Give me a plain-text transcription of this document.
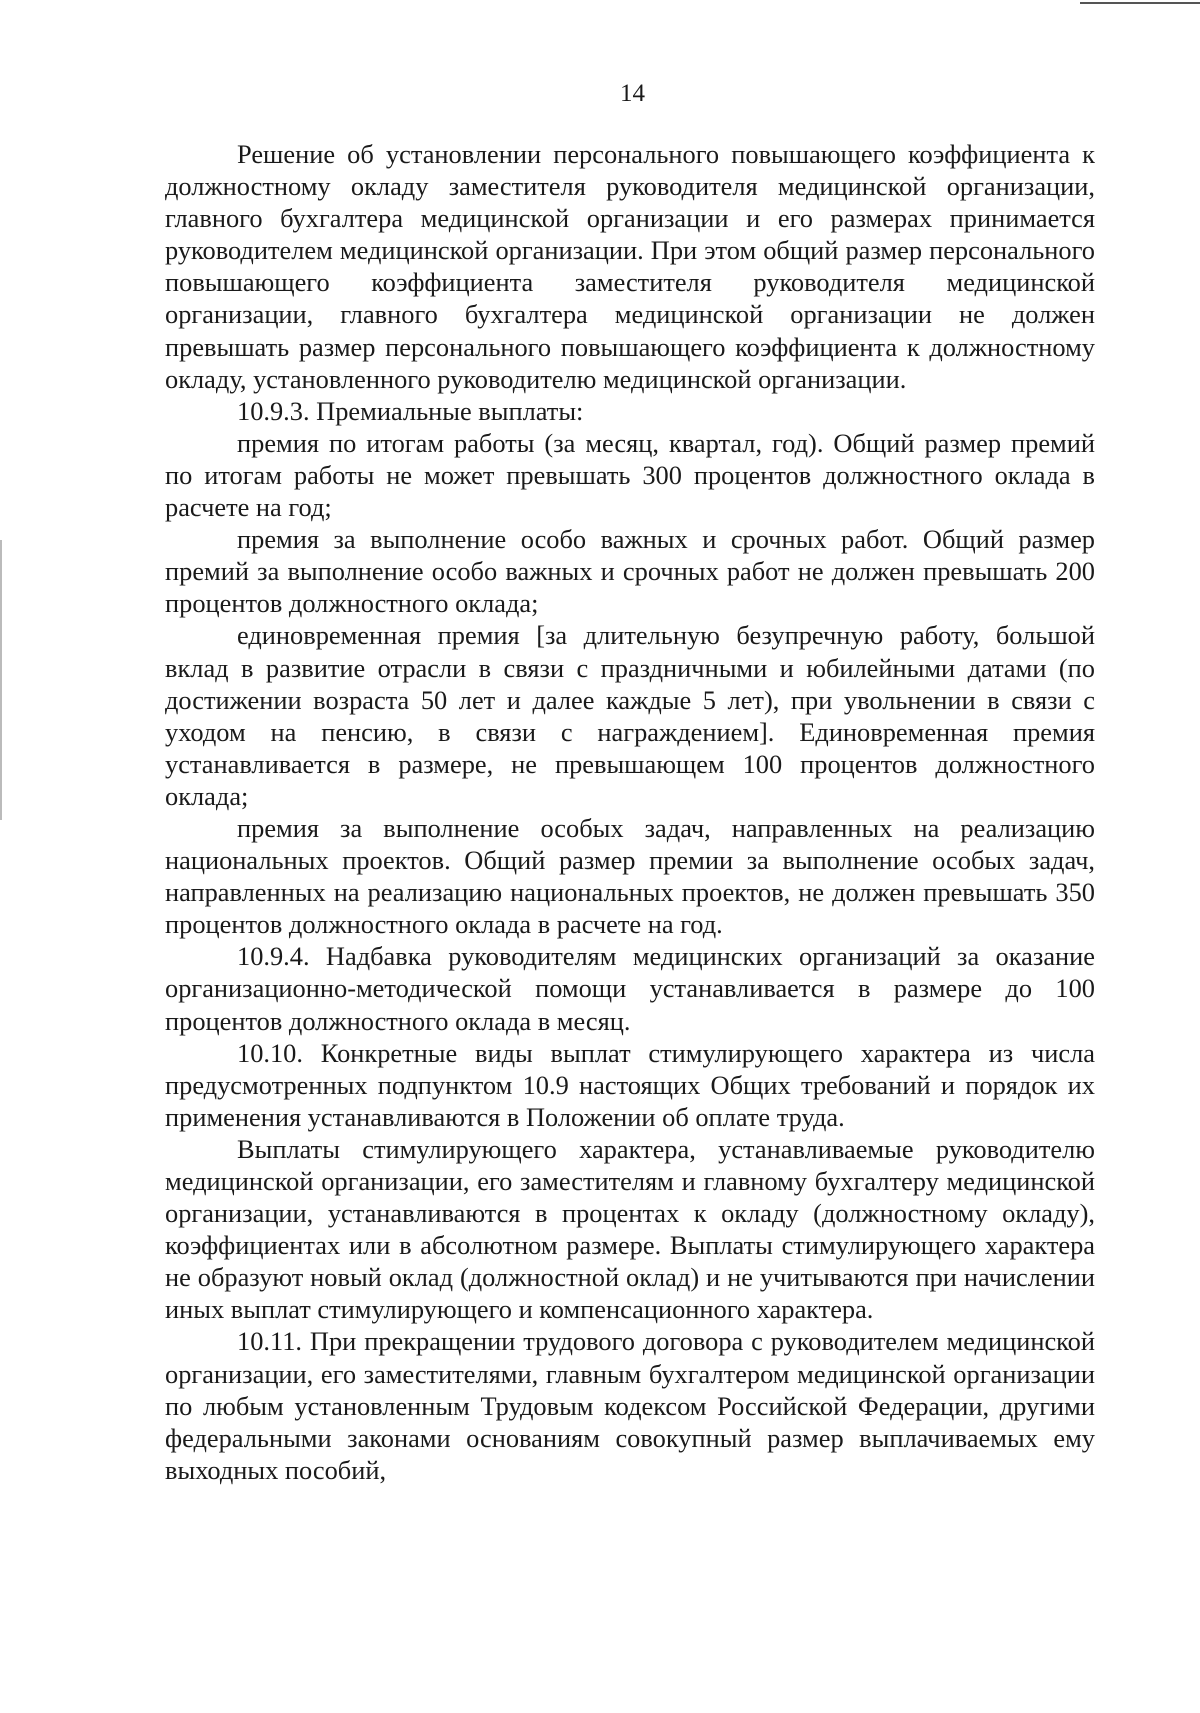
14

Решение об установлении персонального повышающего коэффициента к должностному окладу заместителя руководителя медицинской организации, главного бухгалтера медицинской организации и его размерах принимается руководителем медицинской организации. При этом общий размер персонального повышающего коэффициента заместителя руководителя медицинской организации, главного бухгалтера медицинской организации не должен превышать размер персонального повышающего коэффициента к должностному окладу, установленного руководителю медицинской организации.

10.9.3. Премиальные выплаты:

премия по итогам работы (за месяц, квартал, год). Общий размер премий по итогам работы не может превышать 300 процентов должностного оклада в расчете на год;

премия за выполнение особо важных и срочных работ. Общий размер премий за выполнение особо важных и срочных работ не должен превышать 200 процентов должностного оклада;

единовременная премия [за длительную безупречную работу, большой вклад в развитие отрасли в связи с праздничными и юбилейными датами (по достижении возраста 50 лет и далее каждые 5 лет), при увольнении в связи с уходом на пенсию, в связи с награждением]. Единовременная премия устанавливается в размере, не превышающем 100 процентов должностного оклада;

премия за выполнение особых задач, направленных на реализацию национальных проектов. Общий размер премии за выполнение особых задач, направленных на реализацию национальных проектов, не должен превышать 350 процентов должностного оклада в расчете на год.

10.9.4. Надбавка руководителям медицинских организаций за оказание организационно-методической помощи устанавливается в размере до 100 процентов должностного оклада в месяц.

10.10. Конкретные виды выплат стимулирующего характера из числа предусмотренных подпунктом 10.9 настоящих Общих требований и порядок их применения устанавливаются в Положении об оплате труда.

Выплаты стимулирующего характера, устанавливаемые руководителю медицинской организации, его заместителям и главному бухгалтеру медицинской организации, устанавливаются в процентах к окладу (должностному окладу), коэффициентах или в абсолютном размере. Выплаты стимулирующего характера не образуют новый оклад (должностной оклад) и не учитываются при начислении иных выплат стимулирующего и компенсационного характера.

10.11. При прекращении трудового договора с руководителем медицинской организации, его заместителями, главным бухгалтером медицинской организации по любым установленным Трудовым кодексом Российской Федерации, другими федеральными законами основаниям совокупный размер выплачиваемых ему выходных пособий,
